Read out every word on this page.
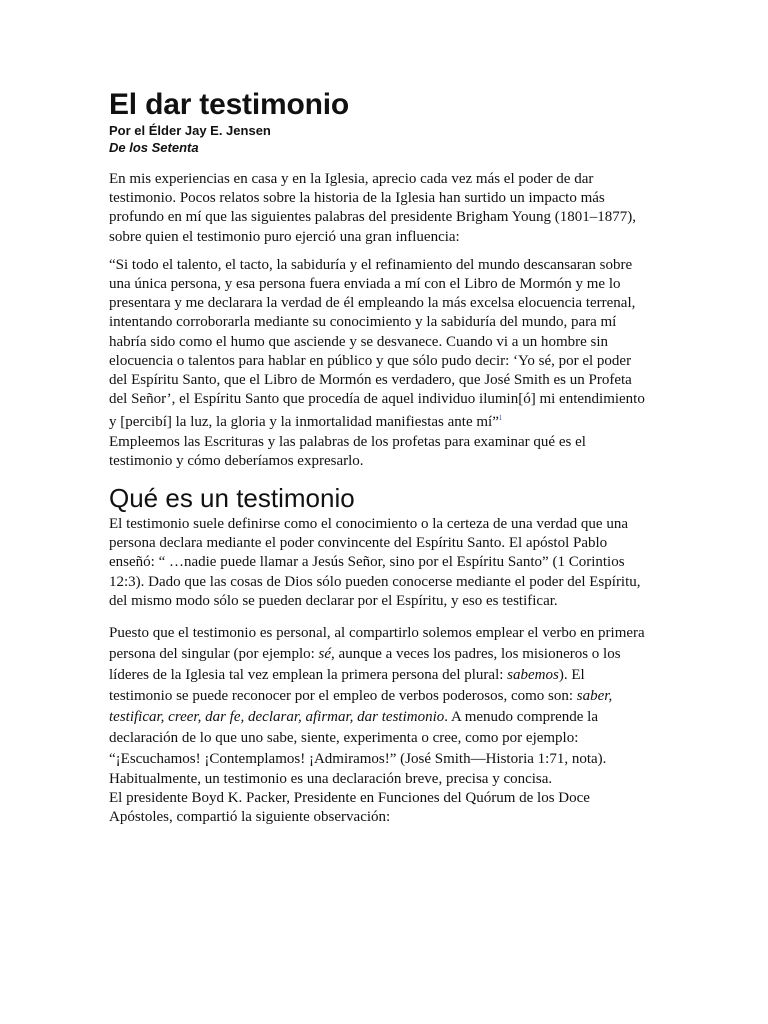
El dar testimonio

Por el Élder Jay E. Jensen

De los Setenta

En mis experiencias en casa y en la Iglesia, aprecio cada vez más el poder de dar testimonio. Pocos relatos sobre la historia de la Iglesia han surtido un impacto más profundo en mí que las siguientes palabras del presidente Brigham Young (1801–1877), sobre quien el testimonio puro ejerció una gran influencia:

“Si todo el talento, el tacto, la sabiduría y el refinamiento del mundo descansaran sobre una única persona, y esa persona fuera enviada a mí con el Libro de Mormón y me lo presentara y me declarara la verdad de él empleando la más excelsa elocuencia terrenal, intentando corroborarla mediante su conocimiento y la sabiduría del mundo, para mí habría sido como el humo que asciende y se desvanece. Cuando vi a un hombre sin elocuencia o talentos para hablar en público y que sólo pudo decir: ‘Yo sé, por el poder del Espíritu Santo, que el Libro de Mormón es verdadero, que José Smith es un Profeta del Señor’, el Espíritu Santo que procedía de aquel individuo ilumin[ó] mi entendimiento y [percibí] la luz, la gloria y la inmortalidad manifiestas ante mí”$^1$

Empleemos las Escrituras y las palabras de los profetas para examinar qué es el testimonio y cómo deberíamos expresarlo.

Qué es un testimonio

El testimonio suele definirse como el conocimiento o la certeza de una verdad que una persona declara mediante el poder convincente del Espíritu Santo. El apóstol Pablo enseñó: “ …nadie puede llamar a Jesús Señor, sino por el Espíritu Santo” (1 Corintios 12:3). Dado que las cosas de Dios sólo pueden conocerse mediante el poder del Espíritu, del mismo modo sólo se pueden declarar por el Espíritu, y eso es testificar.

Puesto que el testimonio es personal, al compartirlo solemos emplear el verbo en primera persona del singular (por ejemplo: sé, aunque a veces los padres, los misioneros o los líderes de la Iglesia tal vez emplean la primera persona del plural: sabemos). El testimonio se puede reconocer por el empleo de verbos poderosos, como son: saber, testificar, creer, dar fe, declarar, afirmar, dar testimonio. A menudo comprende la declaración de lo que uno sabe, siente, experimenta o cree, como por ejemplo: “¡Escuchamos! ¡Contemplamos! ¡Admiramos!” (José Smith—Historia 1:71, nota).

Habitualmente, un testimonio es una declaración breve, precisa y concisa.

El presidente Boyd K. Packer, Presidente en Funciones del Quórum de los Doce Apóstoles, compartió la siguiente observación:
